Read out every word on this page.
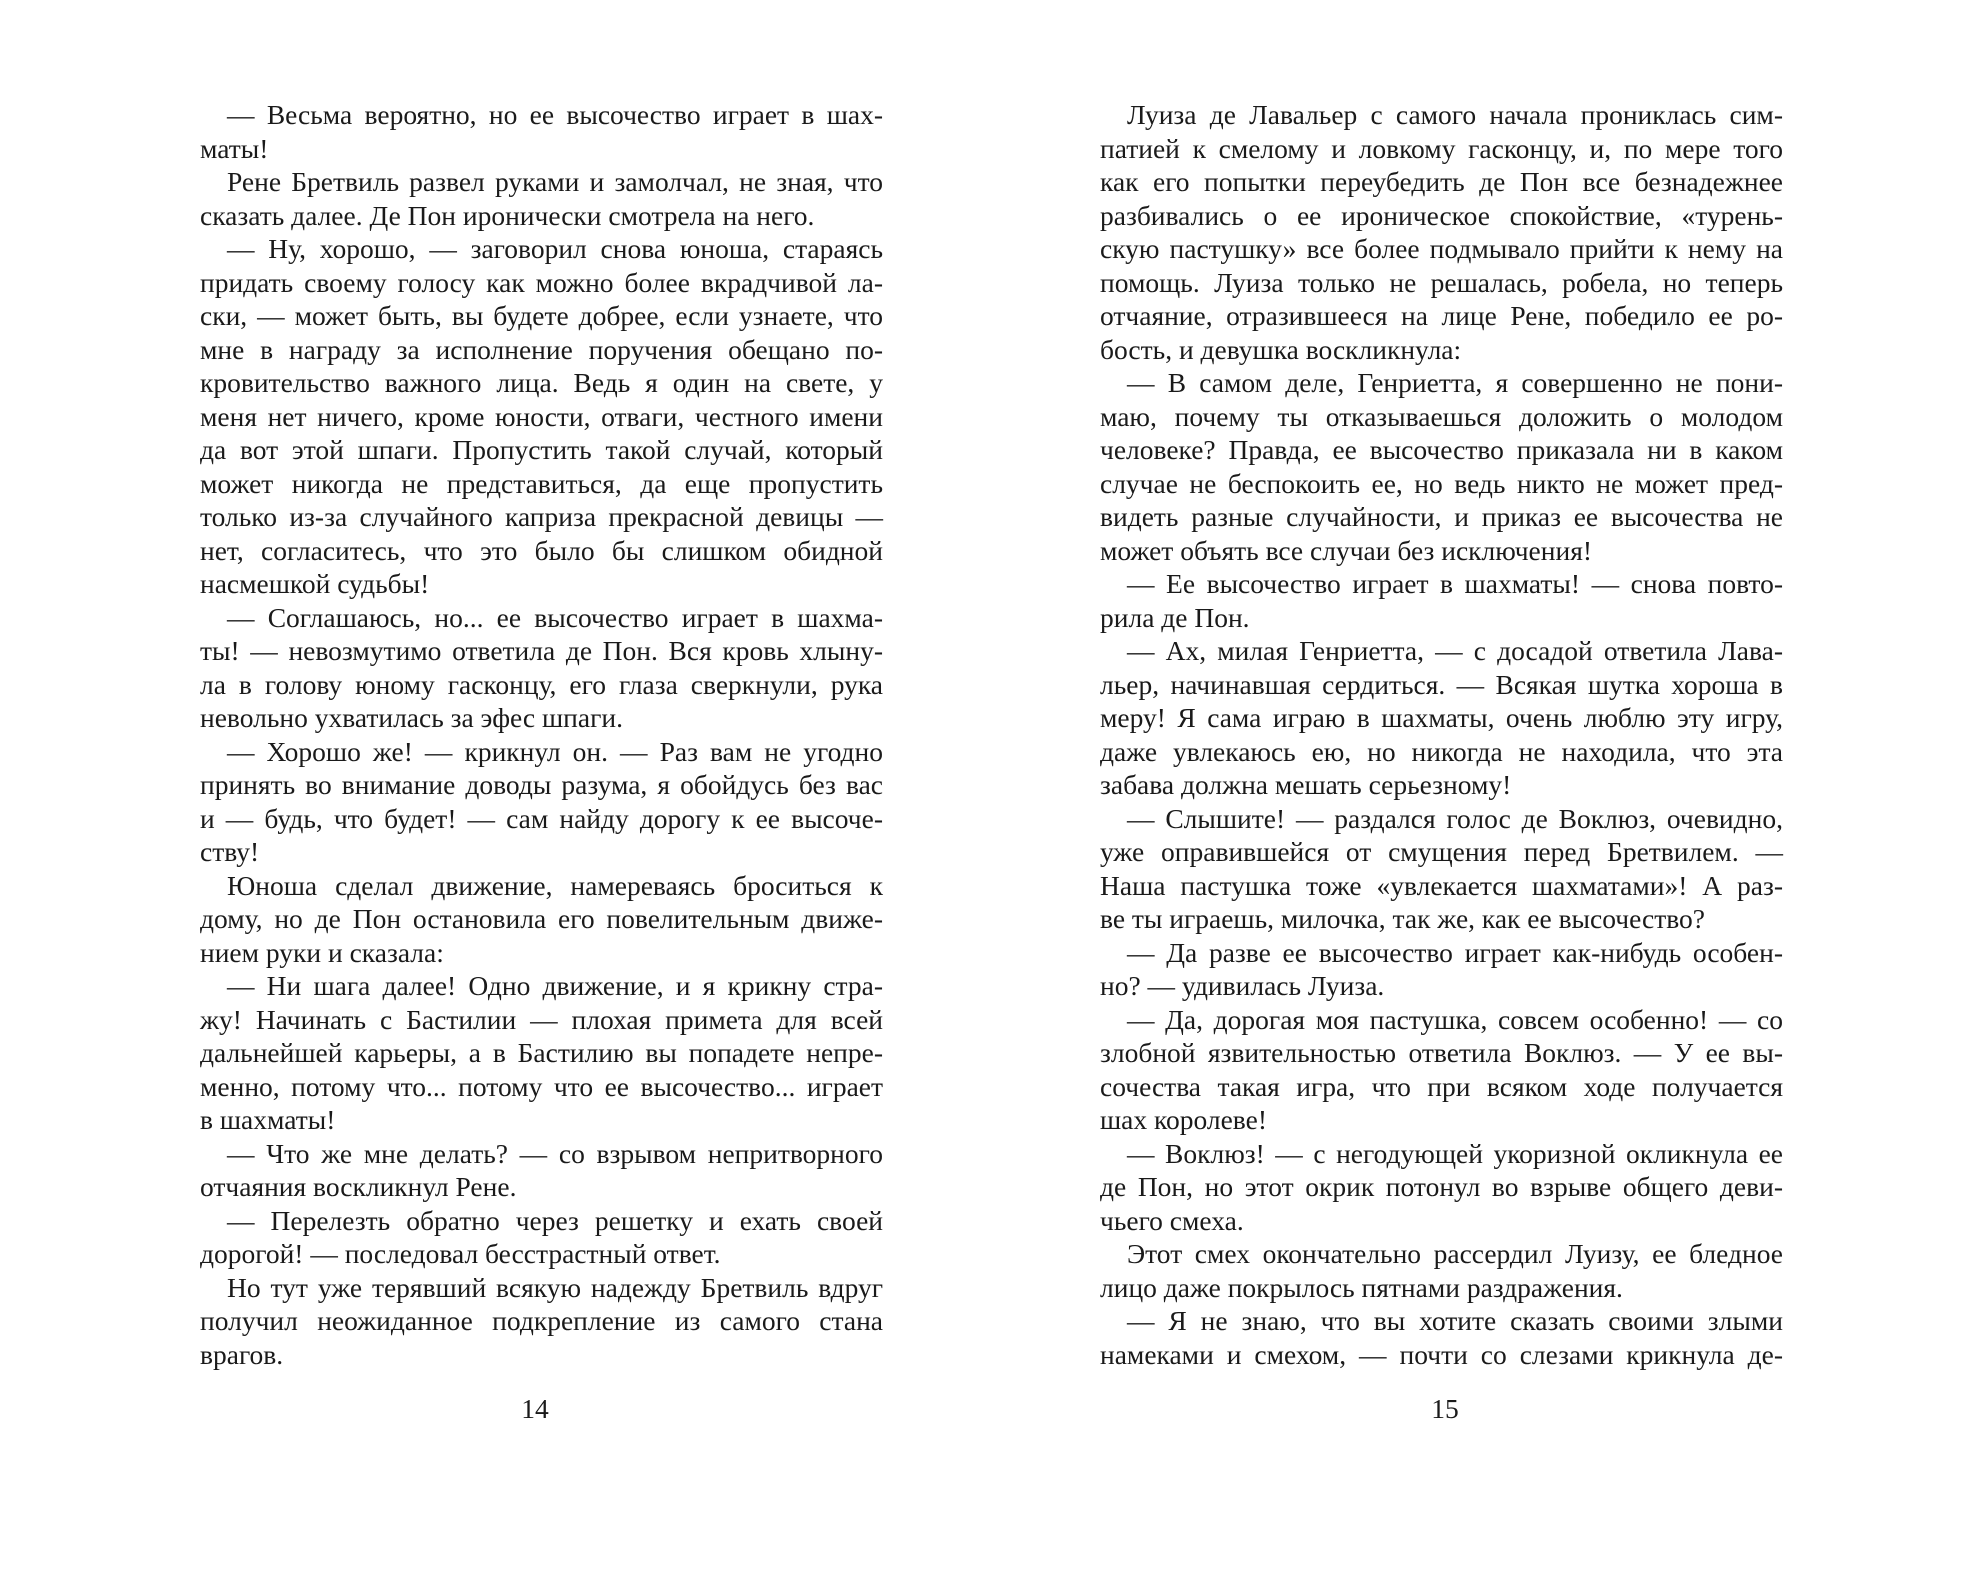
— Весьма вероятно, но ее высочество играет в шах-
маты!
Рене Бретвиль развел руками и замолчал, не зная, что
сказать далее. Де Пон иронически смотрела на него.
— Ну, хорошо, — заговорил снова юноша, стараясь
придать своему голосу как можно более вкрадчивой ла-
ски, — может быть, вы будете добрее, если узнаете, что
мне в награду за исполнение поручения обещано по-
кровительство важного лица. Ведь я один на свете, у
меня нет ничего, кроме юности, отваги, честного имени
да вот этой шпаги. Пропустить такой случай, который
может никогда не представиться, да еще пропустить
только из-за случайного каприза прекрасной девицы —
нет, согласитесь, что это было бы слишком обидной
насмешкой судьбы!
— Соглашаюсь, но... ее высочество играет в шахма-
ты! — невозмутимо ответила де Пон. Вся кровь хлыну-
ла в голову юному гасконцу, его глаза сверкнули, рука
невольно ухватилась за эфес шпаги.
— Хорошо же! — крикнул он. — Раз вам не угодно
принять во внимание доводы разума, я обойдусь без вас
и — будь, что будет! — сам найду дорогу к ее высоче-
ству!
Юноша сделал движение, намереваясь броситься к
дому, но де Пон остановила его повелительным движе-
нием руки и сказала:
— Ни шага далее! Одно движение, и я крикну стра-
жу! Начинать с Бастилии — плохая примета для всей
дальнейшей карьеры, а в Бастилию вы попадете непре-
менно, потому что... потому что ее высочество... играет
в шахматы!
— Что же мне делать? — со взрывом непритворного
отчаяния воскликнул Рене.
— Перелезть обратно через решетку и ехать своей
дорогой! — последовал бесстрастный ответ.
Но тут уже терявший всякую надежду Бретвиль вдруг
получил неожиданное подкрепление из самого стана
врагов.
14
Луиза де Лавальер с самого начала прониклась сим-
патией к смелому и ловкому гасконцу, и, по мере того
как его попытки переубедить де Пон все безнадежнее
разбивались о ее ироническое спокойствие, «турень-
скую пастушку» все более подмывало прийти к нему на
помощь. Луиза только не решалась, робела, но теперь
отчаяние, отразившееся на лице Рене, победило ее ро-
бость, и девушка воскликнула:
— В самом деле, Генриетта, я совершенно не пони-
маю, почему ты отказываешься доложить о молодом
человеке? Правда, ее высочество приказала ни в каком
случае не беспокоить ее, но ведь никто не может пред-
видеть разные случайности, и приказ ее высочества не
может объять все случаи без исключения!
— Ее высочество играет в шахматы! — снова повто-
рила де Пон.
— Ах, милая Генриетта, — с досадой ответила Лава-
льер, начинавшая сердиться. — Всякая шутка хороша в
меру! Я сама играю в шахматы, очень люблю эту игру,
даже увлекаюсь ею, но никогда не находила, что эта
забава должна мешать серьезному!
— Слышите! — раздался голос де Воклюз, очевидно,
уже оправившейся от смущения перед Бретвилем. —
Наша пастушка тоже «увлекается шахматами»! А раз-
ве ты играешь, милочка, так же, как ее высочество?
— Да разве ее высочество играет как-нибудь особен-
но? — удивилась Луиза.
— Да, дорогая моя пастушка, совсем особенно! — со
злобной язвительностью ответила Воклюз. — У ее вы-
сочества такая игра, что при всяком ходе получается
шах королеве!
— Воклюз! — с негодующей укоризной окликнула ее
де Пон, но этот окрик потонул во взрыве общего деви-
чьего смеха.
Этот смех окончательно рассердил Луизу, ее бледное
лицо даже покрылось пятнами раздражения.
— Я не знаю, что вы хотите сказать своими злыми
намеками и смехом, — почти со слезами крикнула де-
15
